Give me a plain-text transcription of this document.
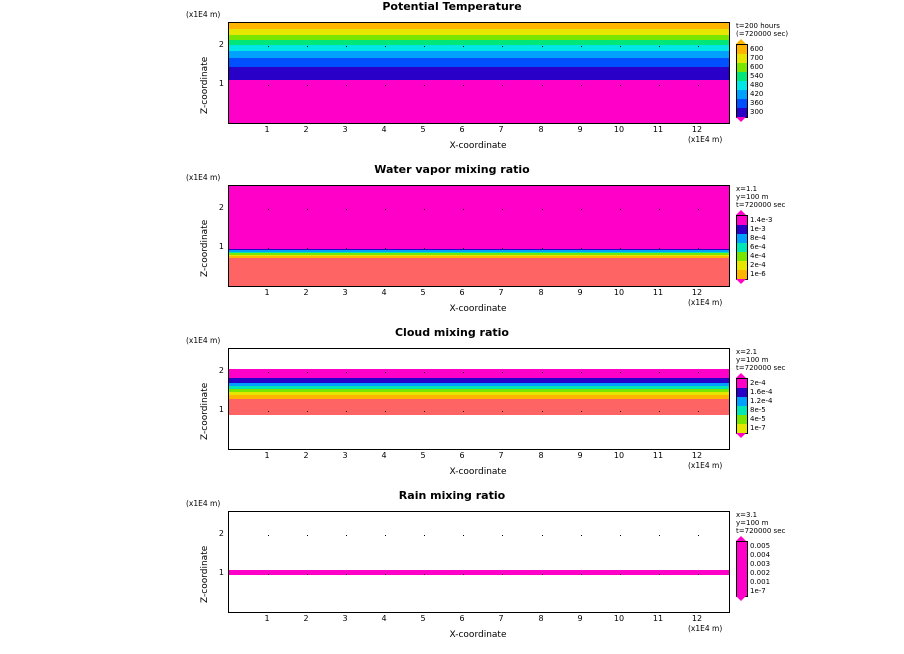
Potential Temperature
(x1E4 m)
1	2	3	4	5	6	7	8	9	10	11	12
1
2
X-coordinate
(x1E4 m)
Z-coordinate
t=200 hours
(=720000 sec)
600
700
600
540
480
420
360
300
Water vapor mixing ratio
(x1E4 m)
1	2	3	4	5	6	7	8	9	10	11	12
1
2
X-coordinate
(x1E4 m)
Z-coordinate
x=1.1
y=100 m
t=720000 sec
1.4e-3
1e-3
8e-4
6e-4
4e-4
2e-4
1e-6
Cloud mixing ratio
(x1E4 m)
1	2	3	4	5	6	7	8	9	10	11	12
1
2
X-coordinate
(x1E4 m)
Z-coordinate
x=2.1
y=100 m
t=720000 sec
2e-4
1.6e-4
1.2e-4
8e-5
4e-5
1e-7
Rain mixing ratio
(x1E4 m)
1	2	3	4	5	6	7	8	9	10	11	12
1
2
X-coordinate
(x1E4 m)
Z-coordinate
x=3.1
y=100 m
t=720000 sec
0.005
0.004
0.003
0.002
0.001
1e-7
